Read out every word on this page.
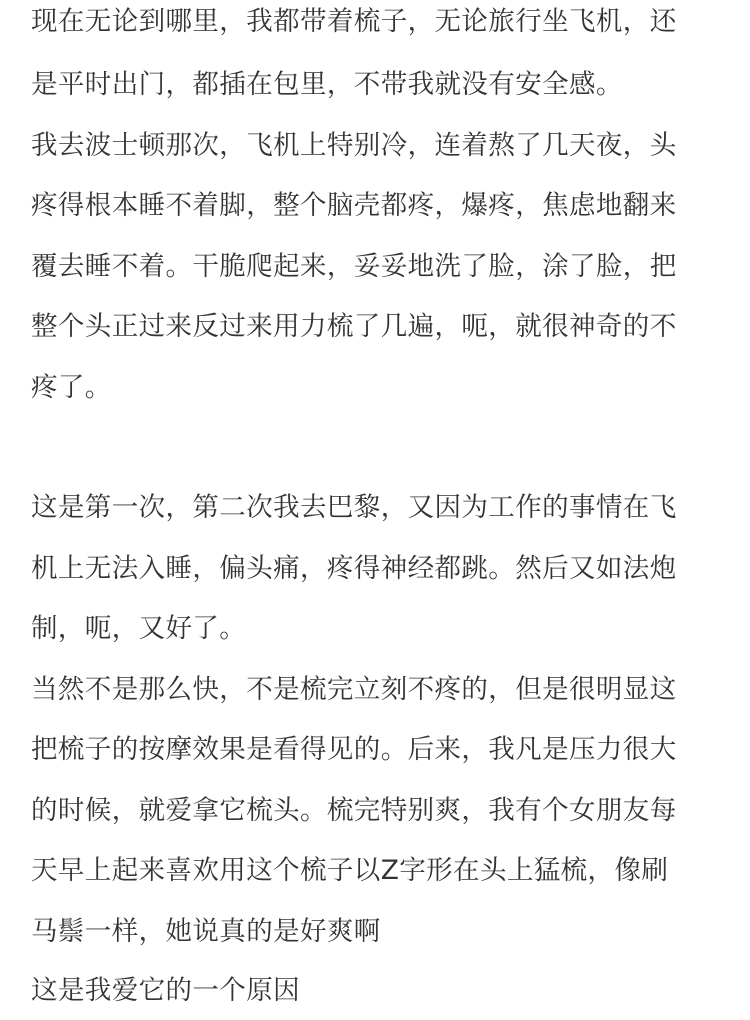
现在无论到哪里，我都带着梳子，无论旅行坐飞机，还
是平时出门，都插在包里，不带我就没有安全感。
我去波士顿那次，飞机上特别冷，连着熬了几天夜，头
疼得根本睡不着脚，整个脑壳都疼，爆疼，焦虑地翻来
覆去睡不着。干脆爬起来，妥妥地洗了脸，涂了脸，把
整个头正过来反过来用力梳了几遍，呃，就很神奇的不
疼了。
这是第一次，第二次我去巴黎，又因为工作的事情在飞
机上无法入睡，偏头痛，疼得神经都跳。然后又如法炮
制，呃，又好了。
当然不是那么快，不是梳完立刻不疼的，但是很明显这
把梳子的按摩效果是看得见的。后来，我凡是压力很大
的时候，就爱拿它梳头。梳完特别爽，我有个女朋友每
天早上起来喜欢用这个梳子以Z字形在头上猛梳，像刷
马鬃一样，她说真的是好爽啊
这是我爱它的一个原因
